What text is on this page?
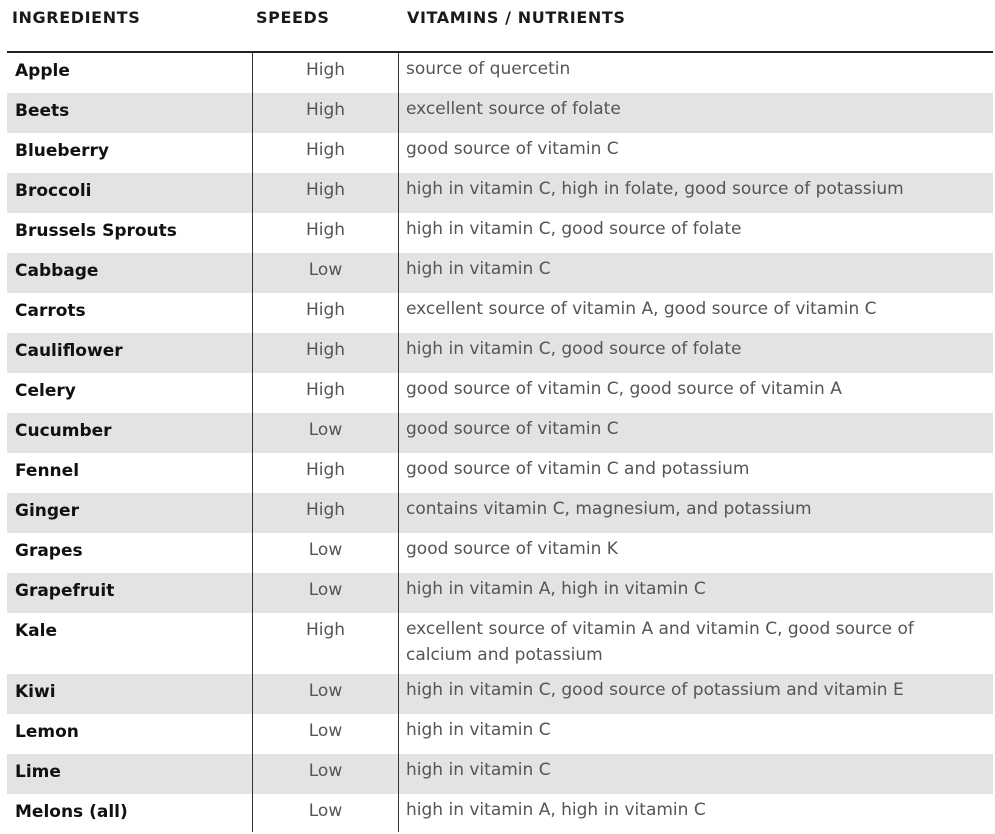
INGREDIENTS	SPEEDS	VITAMINS / NUTRIENTS
Apple	High	source of quercetin
Beets	High	excellent source of folate
Blueberry	High	good source of vitamin C
Broccoli	High	high in vitamin C, high in folate, good source of potassium
Brussels Sprouts	High	high in vitamin C, good source of folate
Cabbage	Low	high in vitamin C
Carrots	High	excellent source of vitamin A, good source of vitamin C
Cauliflower	High	high in vitamin C, good source of folate
Celery	High	good source of vitamin C, good source of vitamin A
Cucumber	Low	good source of vitamin C
Fennel	High	good source of vitamin C and potassium
Ginger	High	contains vitamin C, magnesium, and potassium
Grapes	Low	good source of vitamin K
Grapefruit	Low	high in vitamin A, high in vitamin C
Kale	High	excellent source of vitamin A and vitamin C, good source of calcium and potassium
Kiwi	Low	high in vitamin C, good source of potassium and vitamin E
Lemon	Low	high in vitamin C
Lime	Low	high in vitamin C
Melons (all)	Low	high in vitamin A, high in vitamin C
